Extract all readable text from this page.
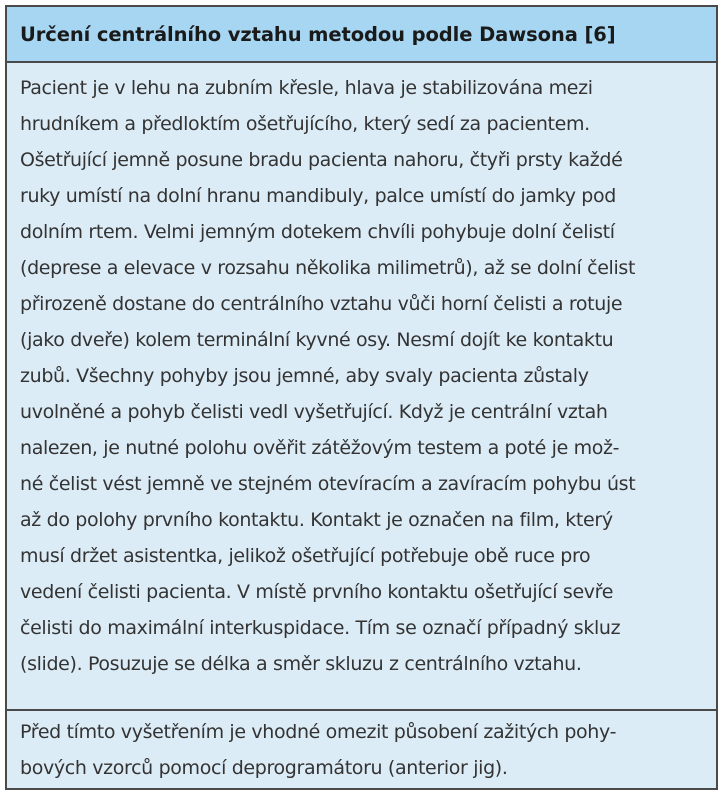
Určení centrálního vztahu metodou podle Dawsona [6]
Pacient je v lehu na zubním křesle, hlava je stabilizována mezi
hrudníkem a předloktím ošetřujícího, který sedí za pacientem.
Ošetřující jemně posune bradu pacienta nahoru, čtyři prsty každé
ruky umístí na dolní hranu mandibuly, palce umístí do jamky pod
dolním rtem. Velmi jemným dotekem chvíli pohybuje dolní čelistí
(deprese a elevace v rozsahu několika milimetrů), až se dolní čelist
přirozeně dostane do centrálního vztahu vůči horní čelisti a rotuje
(jako dveře) kolem terminální kyvné osy. Nesmí dojít ke kontaktu
zubů. Všechny pohyby jsou jemné, aby svaly pacienta zůstaly
uvolněné a pohyb čelisti vedl vyšetřující. Když je centrální vztah
nalezen, je nutné polohu ověřit zátěžovým testem a poté je mož-
né čelist vést jemně ve stejném otevíracím a zavíracím pohybu úst
až do polohy prvního kontaktu. Kontakt je označen na film, který
musí držet asistentka, jelikož ošetřující potřebuje obě ruce pro
vedení čelisti pacienta. V místě prvního kontaktu ošetřující sevře
čelisti do maximální interkuspidace. Tím se označí případný skluz
(slide). Posuzuje se délka a směr skluzu z centrálního vztahu.
Před tímto vyšetřením je vhodné omezit působení zažitých pohy-
bových vzorců pomocí deprogramátoru (anterior jig).
